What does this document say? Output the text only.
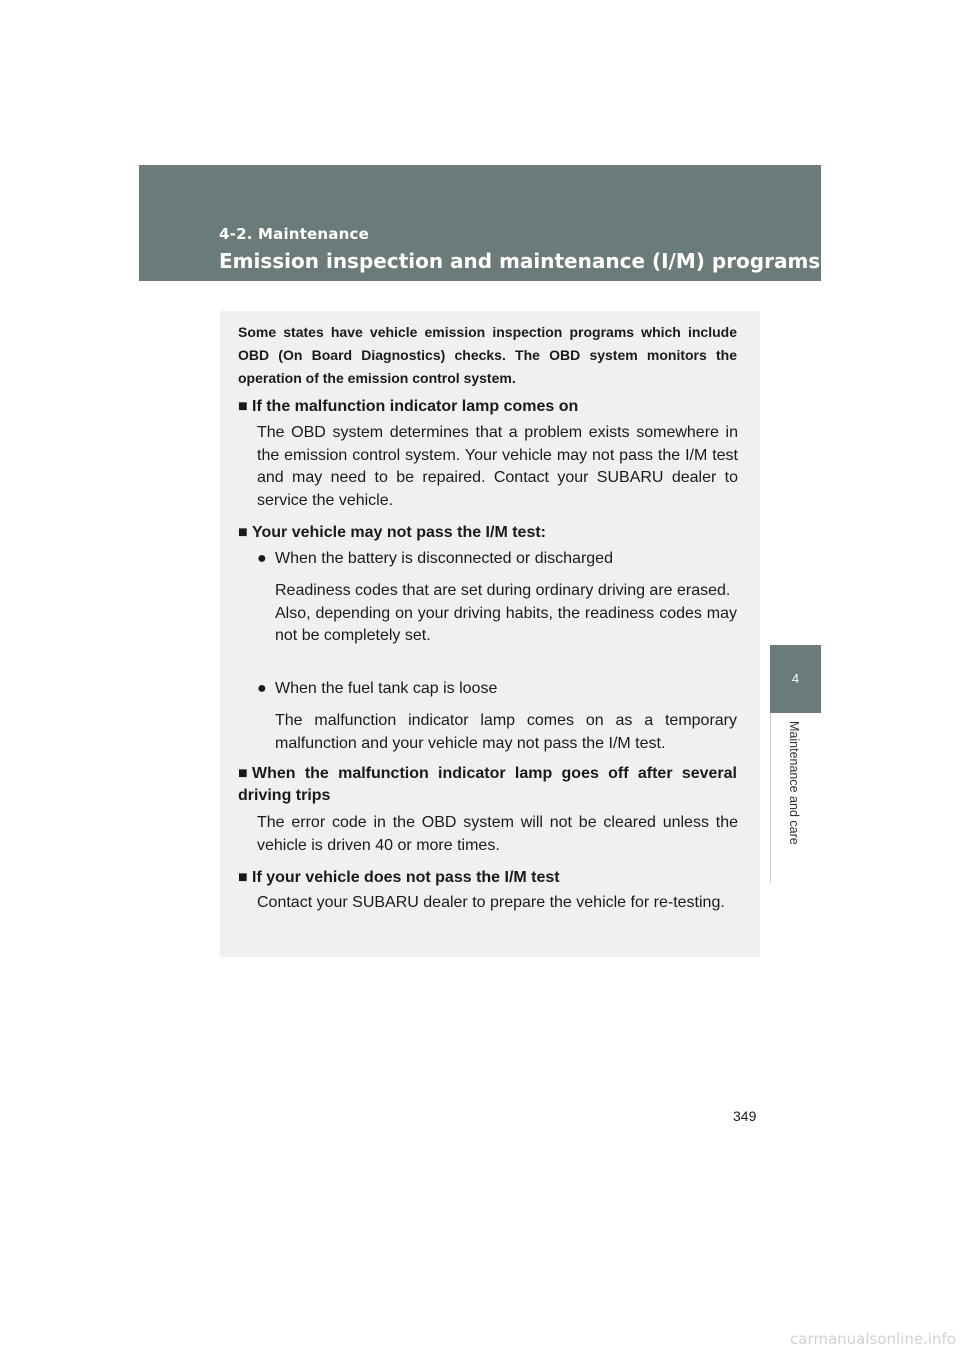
4-2. Maintenance
Emission inspection and maintenance (I/M) programs
4
Maintenance and care
Some states have vehicle emission inspection programs which include OBD (On Board Diagnostics) checks. The OBD system monitors the operation of the emission control system.
■ If the malfunction indicator lamp comes on
The OBD system determines that a problem exists somewhere in the emission control system. Your vehicle may not pass the I/M test and may need to be repaired. Contact your SUBARU dealer to service the vehicle.
■ Your vehicle may not pass the I/M test:
● When the battery is disconnected or discharged

Readiness codes that are set during ordinary driving are erased.

Also, depending on your driving habits, the readiness codes may not be completely set.

● When the fuel tank cap is loose

The malfunction indicator lamp comes on as a temporary malfunction and your vehicle may not pass the I/M test.

■ When the malfunction indicator lamp goes off after several driving trips
The error code in the OBD system will not be cleared unless the vehicle is driven 40 or more times.
■ If your vehicle does not pass the I/M test
Contact your SUBARU dealer to prepare the vehicle for re-testing.
349
carmanualsonline.info
